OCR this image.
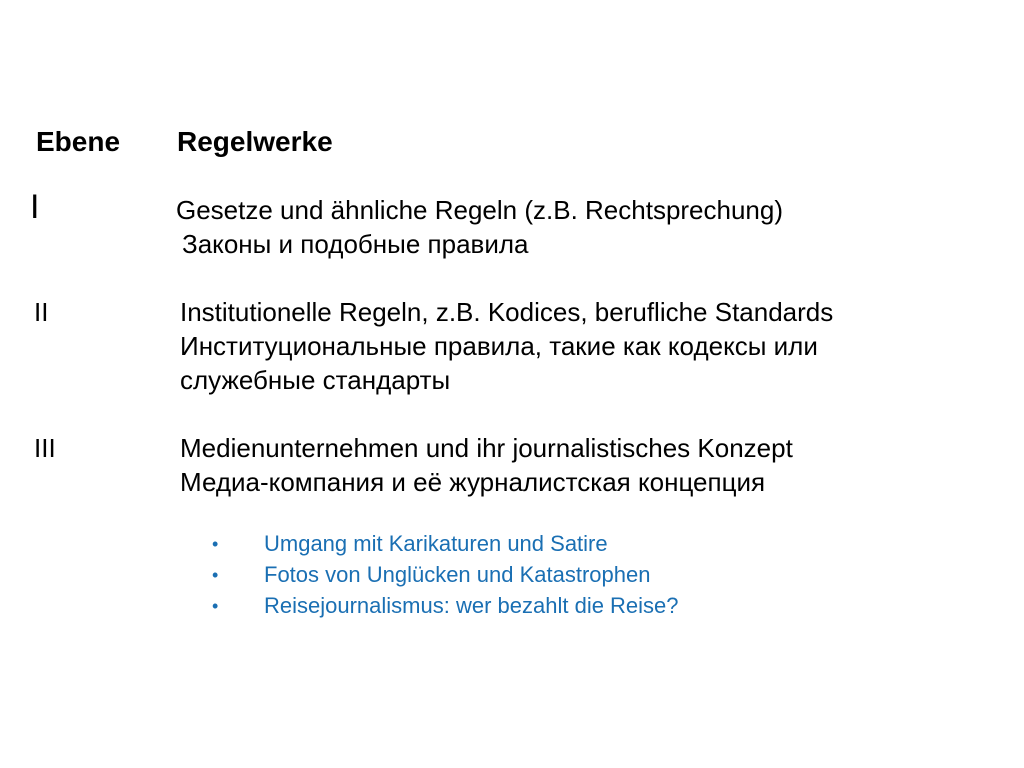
Ebene Regelwerke
I	Gesetze und ähnliche Regeln (z.B. Rechtsprechung)
Законы и подобные правила
II	Institutionelle Regeln, z.B. Kodices, berufliche Standards
Институциональные правила, такие как кодексы или
служебные стандарты
III	Medienunternehmen und ihr journalistisches Konzept
Медиа-компания и её журналистская концепция
• Umgang mit Karikaturen und Satire
• Fotos von Unglücken und Katastrophen
• Reisejournalismus: wer bezahlt die Reise?
